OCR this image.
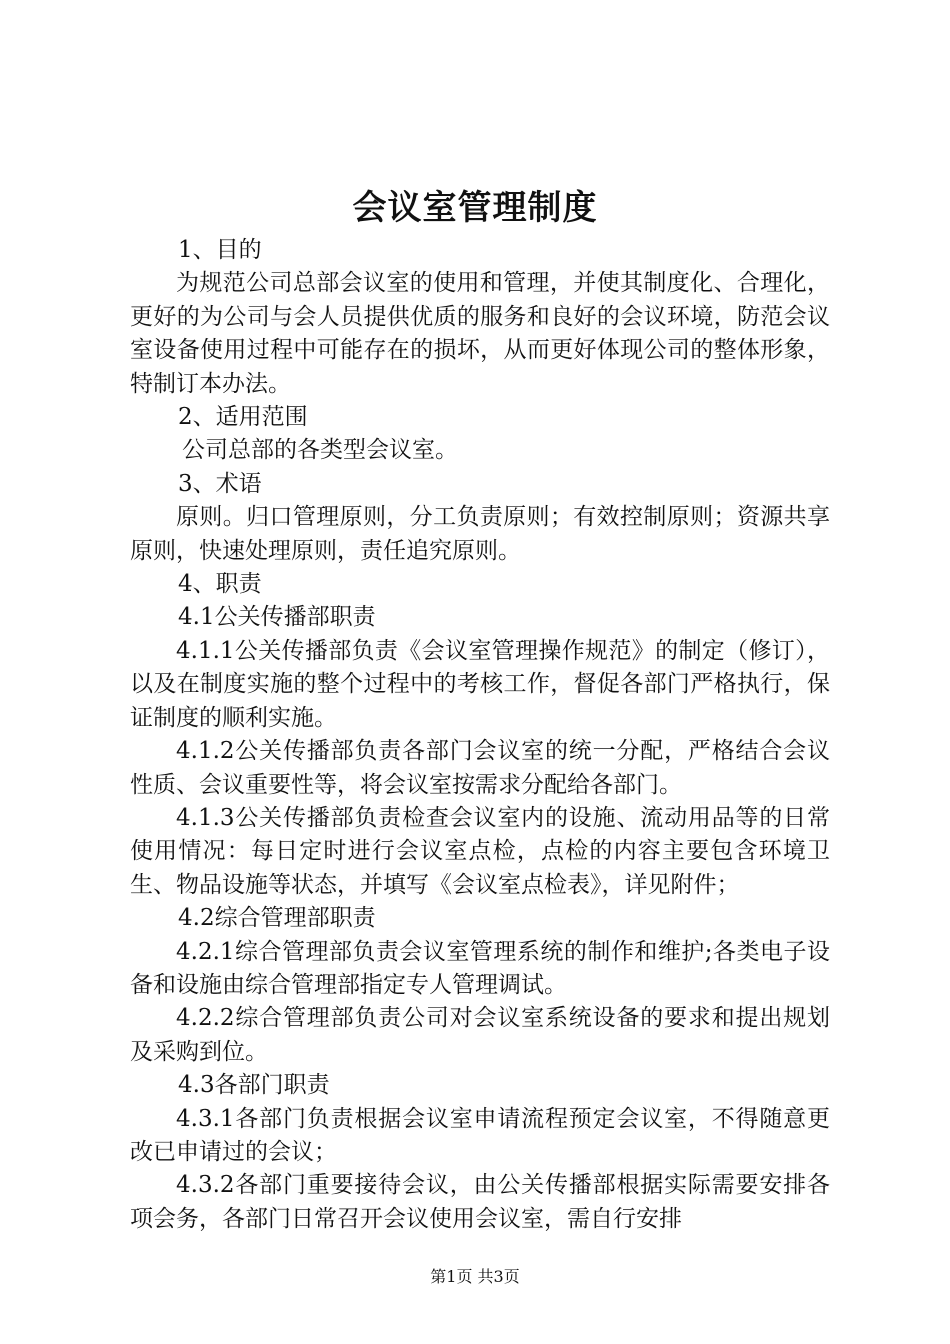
会议室管理制度

1、目的

为规范公司总部会议室的使用和管理，并使其制度化、合理化，更好的为公司与会人员提供优质的服务和良好的会议环境，防范会议室设备使用过程中可能存在的损坏，从而更好体现公司的整体形象，特制订本办法。

2、适用范围

公司总部的各类型会议室。

3、术语

原则。归口管理原则，分工负责原则；有效控制原则；资源共享原则，快速处理原则，责任追究原则。

4、职责

4.1公关传播部职责

4.1.1公关传播部负责《会议室管理操作规范》的制定（修订），以及在制度实施的整个过程中的考核工作，督促各部门严格执行，保证制度的顺利实施。

4.1.2公关传播部负责各部门会议室的统一分配，严格结合会议性质、会议重要性等，将会议室按需求分配给各部门。

4.1.3公关传播部负责检查会议室内的设施、流动用品等的日常使用情况：每日定时进行会议室点检，点检的内容主要包含环境卫生、物品设施等状态，并填写《会议室点检表》，详见附件；

4.2综合管理部职责

4.2.1综合管理部负责会议室管理系统的制作和维护;各类电子设备和设施由综合管理部指定专人管理调试。

4.2.2综合管理部负责公司对会议室系统设备的要求和提出规划及采购到位。

4.3各部门职责

4.3.1各部门负责根据会议室申请流程预定会议室，不得随意更改已申请过的会议；

4.3.2各部门重要接待会议，由公关传播部根据实际需要安排各项会务，各部门日常召开会议使用会议室，需自行安排

第1页 共3页
